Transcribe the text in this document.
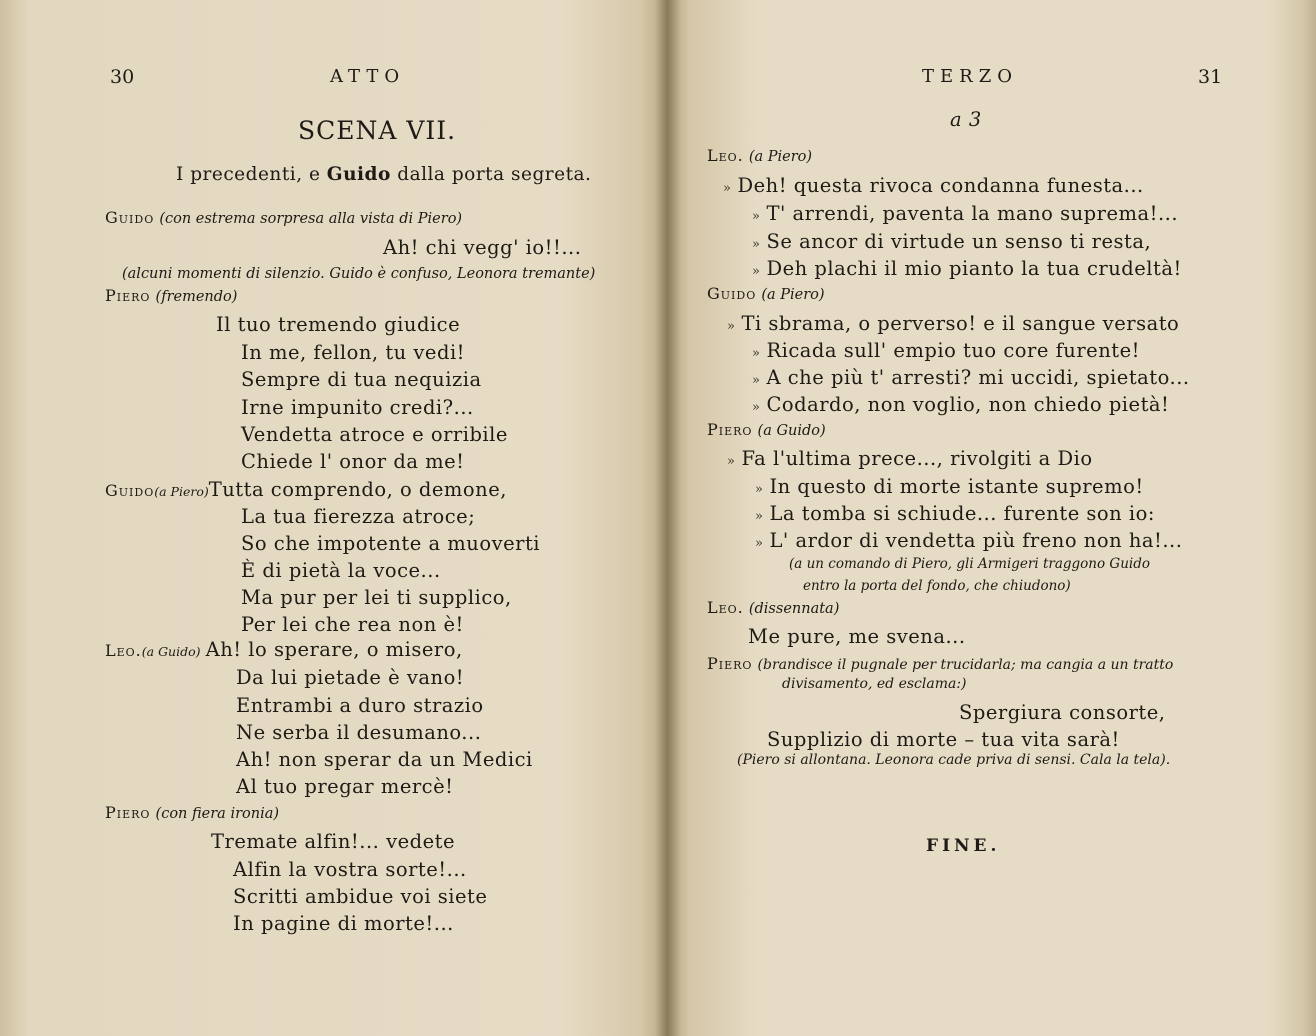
30	ATTO
SCENA VII.
I precedenti, e Guido dalla porta segreta.
Guido (con estrema sorpresa alla vista di Piero)
Ah! chi vegg' io!!...
(alcuni momenti di silenzio. Guido è confuso, Leonora tremante)
Piero (fremendo)
Il tuo tremendo giudice
In me, fellon, tu vedi!
Sempre di tua nequizia
Irne impunito credi?...
Vendetta atroce e orribile
Chiede l' onor da me!
Guido(a Piero)Tutta comprendo, o demone,
La tua fierezza atroce;
So che impotente a muoverti
È di pietà la voce...
Ma pur per lei ti supplico,
Per lei che rea non è!
Leo.(a Guido) Ah! lo sperare, o misero,
Da lui pietade è vano!
Entrambi a duro strazio
Ne serba il desumano...
Ah! non sperar da un Medici
Al tuo pregar mercè!
Piero (con fiera ironia)
Tremate alfin!... vedete
Alfin la vostra sorte!...
Scritti ambidue voi siete
In pagine di morte!...
TERZO	31
a 3
Leo. (a Piero)
» Deh! questa rivoca condanna funesta...
» T' arrendi, paventa la mano suprema!...
» Se ancor di virtude un senso ti resta,
» Deh plachi il mio pianto la tua crudeltà!
Guido (a Piero)
» Ti sbrama, o perverso! e il sangue versato
» Ricada sull' empio tuo core furente!
» A che più t' arresti? mi uccidi, spietato...
» Codardo, non voglio, non chiedo pietà!
Piero (a Guido)
» Fa l'ultima prece..., rivolgiti a Dio
» In questo di morte istante supremo!
» La tomba si schiude... furente son io:
» L' ardor di vendetta più freno non ha!...
(a un comando di Piero, gli Armigeri traggono Guido
entro la porta del fondo, che chiudono)
Leo. (dissennata)
Me pure, me svena...
Piero (brandisce il pugnale per trucidarla; ma cangia a un tratto
divisamento, ed esclama:)
Spergiura consorte,
Supplizio di morte – tua vita sarà!
(Piero si allontana. Leonora cade priva di sensi. Cala la tela).
FINE.
